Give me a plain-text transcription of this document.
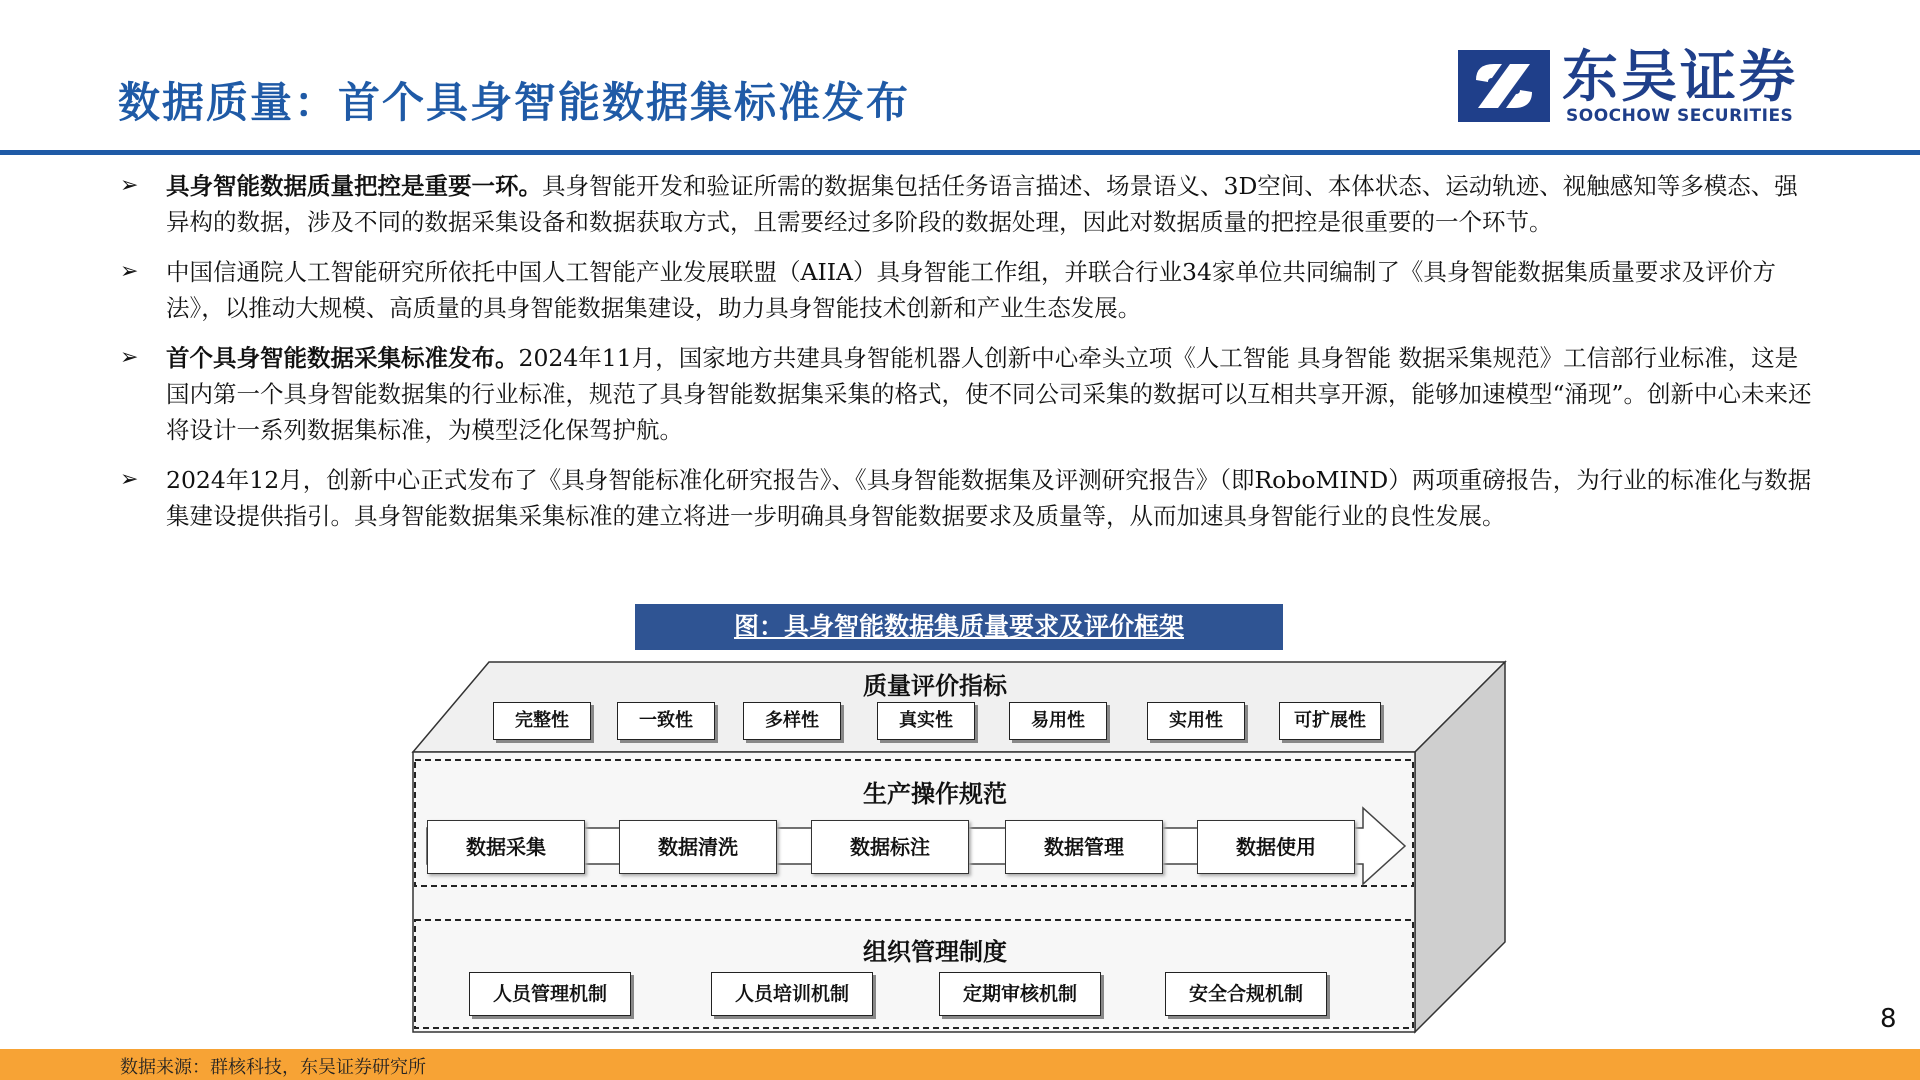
数据质量：首个具身智能数据集标准发布	东吴证券
SOOCHOW SECURITIES
➢ 具身智能数据质量把控是重要一环。具身智能开发和验证所需的数据集包括任务语言描述、场景语义、3D空间、本体状态、运动轨迹、视触感知等多模态、强异构的数据，涉及不同的数据采集设备和数据获取方式，且需要经过多阶段的数据处理，因此对数据质量的把控是很重要的一个环节。
➢ 中国信通院人工智能研究所依托中国人工智能产业发展联盟（AIIA）具身智能工作组，并联合行业34家单位共同编制了《具身智能数据集质量要求及评价方法》，以推动大规模、高质量的具身智能数据集建设，助力具身智能技术创新和产业生态发展。
➢ 首个具身智能数据采集标准发布。2024年11月，国家地方共建具身智能机器人创新中心牵头立项《人工智能 具身智能 数据采集规范》工信部行业标准，这是国内第一个具身智能数据集的行业标准，规范了具身智能数据集采集的格式，使不同公司采集的数据可以互相共享开源，能够加速模型“涌现”。创新中心未来还将设计一系列数据集标准，为模型泛化保驾护航。
➢ 2024年12月，创新中心正式发布了《具身智能标准化研究报告》、《具身智能数据集及评测研究报告》（即RoboMIND）两项重磅报告，为行业的标准化与数据集建设提供指引。具身智能数据集采集标准的建立将进一步明确具身智能数据要求及质量等，从而加速具身智能行业的良性发展。
图：具身智能数据集质量要求及评价框架
质量评价指标
完整性	一致性	多样性	真实性	易用性	实用性	可扩展性
生产操作规范
数据采集	数据清洗	数据标注	数据管理	数据使用
组织管理制度
人员管理机制	人员培训机制	定期审核机制	安全合规机制
8
数据来源：群核科技，东吴证券研究所
